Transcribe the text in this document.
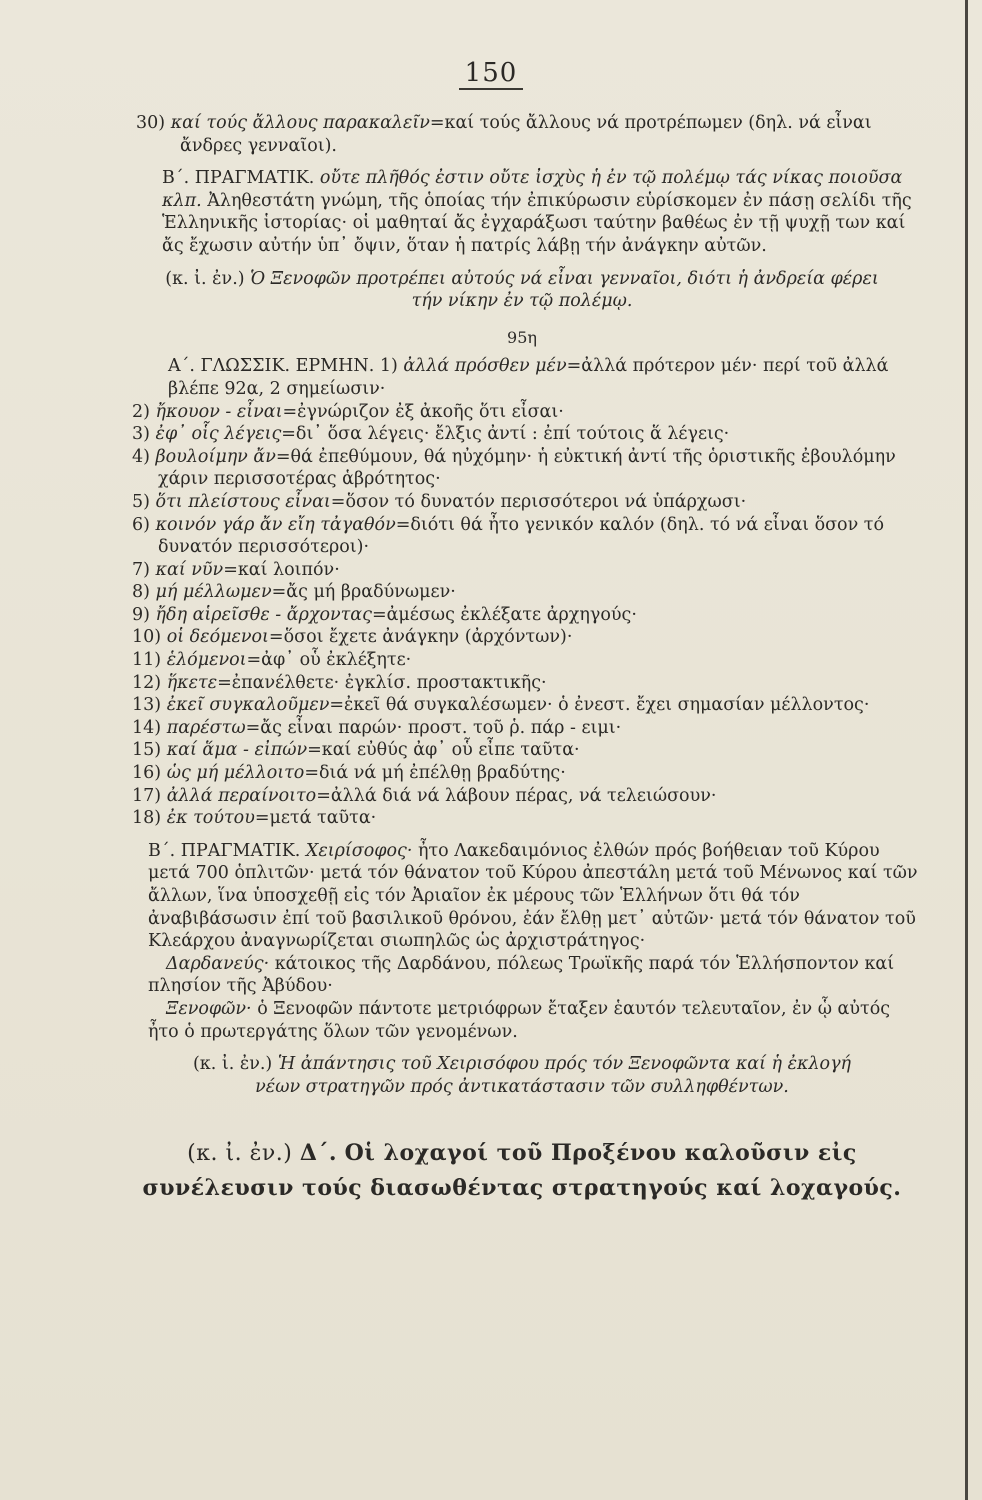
150

30) καί τούς ἄλλους παρακαλεῖν=καί τούς ἄλλους νά προτρέπωμεν (δηλ. νά εἶναι ἄνδρες γενναῖοι).

Β΄. ΠΡΑΓΜΑΤΙΚ. οὔτε πλῆθός ἐστιν οὔτε ἰσχὺς ἡ ἐν τῷ πολέμῳ τάς νίκας ποιοῦσα κλπ. Ἀληθεστάτη γνώμη, τῆς ὁποίας τήν ἐπικύρωσιν εὑρίσκομεν ἐν πάσῃ σελίδι τῆς Ἑλληνικῆς ἱστορίας· οἱ μαθηταί ἄς ἐγχαράξωσι ταύτην βαθέως ἐν τῇ ψυχῇ των καί ἄς ἔχωσιν αὐτήν ὑπ᾽ ὄψιν, ὅταν ἡ πατρίς λάβῃ τήν ἀνάγκην αὐτῶν.

(κ. ἰ. ἐν.) Ὁ Ξενοφῶν προτρέπει αὐτούς νά εἶναι γενναῖοι, διότι ἡ ἀνδρεία φέρει τήν νίκην ἐν τῷ πολέμῳ.

95η

Α΄. ΓΛΩΣΣΙΚ. ΕΡΜΗΝ. 1) ἀλλά πρόσθεν μέν=ἀλλά πρότερον μέν· περί τοῦ ἀλλά βλέπε 92α, 2 σημείωσιν·

2) ἤκουον - εἶναι=ἐγνώριζον ἐξ ἀκοῆς ὅτι εἶσαι·
3) ἐφ᾽ οἷς λέγεις=δι᾽ ὅσα λέγεις· ἔλξις ἀντί : ἐπί τούτοις ἅ λέγεις·
4) βουλοίμην ἄν=θά ἐπεθύμουν, θά ηὐχόμην· ἡ εὐκτική ἀντί τῆς ὁριστικῆς ἐβουλόμην χάριν περισσοτέρας ἁβρότητος·
5) ὅτι πλείστους εἶναι=ὅσον τό δυνατόν περισσότεροι νά ὑπάρχωσι·
6) κοινόν γάρ ἄν εἴη τἀγαθόν=διότι θά ἦτο γενικόν καλόν (δηλ. τό νά εἶναι ὅσον τό δυνατόν περισσότεροι)·
7) καί νῦν=καί λοιπόν·
8) μή μέλλωμεν=ἄς μή βραδύνωμεν·
9) ἤδη αἱρεῖσθε - ἄρχοντας=ἀμέσως ἐκλέξατε ἀρχηγούς·
10) οἱ δεόμενοι=ὅσοι ἔχετε ἀνάγκην (ἀρχόντων)·
11) ἑλόμενοι=ἀφ᾽ οὗ ἐκλέξητε·
12) ἥκετε=ἐπανέλθετε· ἐγκλίσ. προστακτικῆς·
13) ἐκεῖ συγκαλοῦμεν=ἐκεῖ θά συγκαλέσωμεν· ὁ ἐνεστ. ἔχει σημασίαν μέλλοντος·
14) παρέστω=ἄς εἶναι παρών· προστ. τοῦ ῥ. πάρ - ειμι·
15) καί ἅμα - εἰπών=καί εὐθύς ἀφ᾽ οὗ εἶπε ταῦτα·
16) ὡς μή μέλλοιτο=διά νά μή ἐπέλθῃ βραδύτης·
17) ἀλλά περαίνοιτο=ἀλλά διά νά λάβουν πέρας, νά τελειώσουν·
18) ἐκ τούτου=μετά ταῦτα·

Β΄. ΠΡΑΓΜΑΤΙΚ. Χειρίσοφος· ἦτο Λακεδαιμόνιος ἐλθών πρός βοήθειαν τοῦ Κύρου μετά 700 ὁπλιτῶν· μετά τόν θάνατον τοῦ Κύρου ἀπεστάλη μετά τοῦ Μένωνος καί τῶν ἄλλων, ἵνα ὑποσχεθῇ εἰς τόν Ἀριαῖον ἐκ μέρους τῶν Ἑλλήνων ὅτι θά τόν ἀναβιβάσωσιν ἐπί τοῦ βασιλικοῦ θρόνου, ἐάν ἔλθῃ μετ᾽ αὐτῶν· μετά τόν θάνατον τοῦ Κλεάρχου ἀναγνωρίζεται σιωπηλῶς ὡς ἀρχιστράτηγος·

Δαρδανεύς· κάτοικος τῆς Δαρδάνου, πόλεως Τρωϊκῆς παρά τόν Ἑλλήσποντον καί πλησίον τῆς Ἀβύδου·

Ξενοφῶν· ὁ Ξενοφῶν πάντοτε μετριόφρων ἔταξεν ἑαυτόν τελευταῖον, ἐν ᾧ αὐτός ἦτο ὁ πρωτεργάτης ὅλων τῶν γενομένων.

(κ. ἰ. ἐν.) Ἡ ἀπάντησις τοῦ Χειρισόφου πρός τόν Ξενοφῶντα καί ἡ ἐκλογή νέων στρατηγῶν πρός ἀντικατάστασιν τῶν συλληφθέντων.

(κ. ἰ. ἐν.) Δ΄. Οἱ λοχαγοί τοῦ Προξένου καλοῦσιν εἰς συνέλευσιν τούς διασωθέντας στρατηγούς καί λοχαγούς.
